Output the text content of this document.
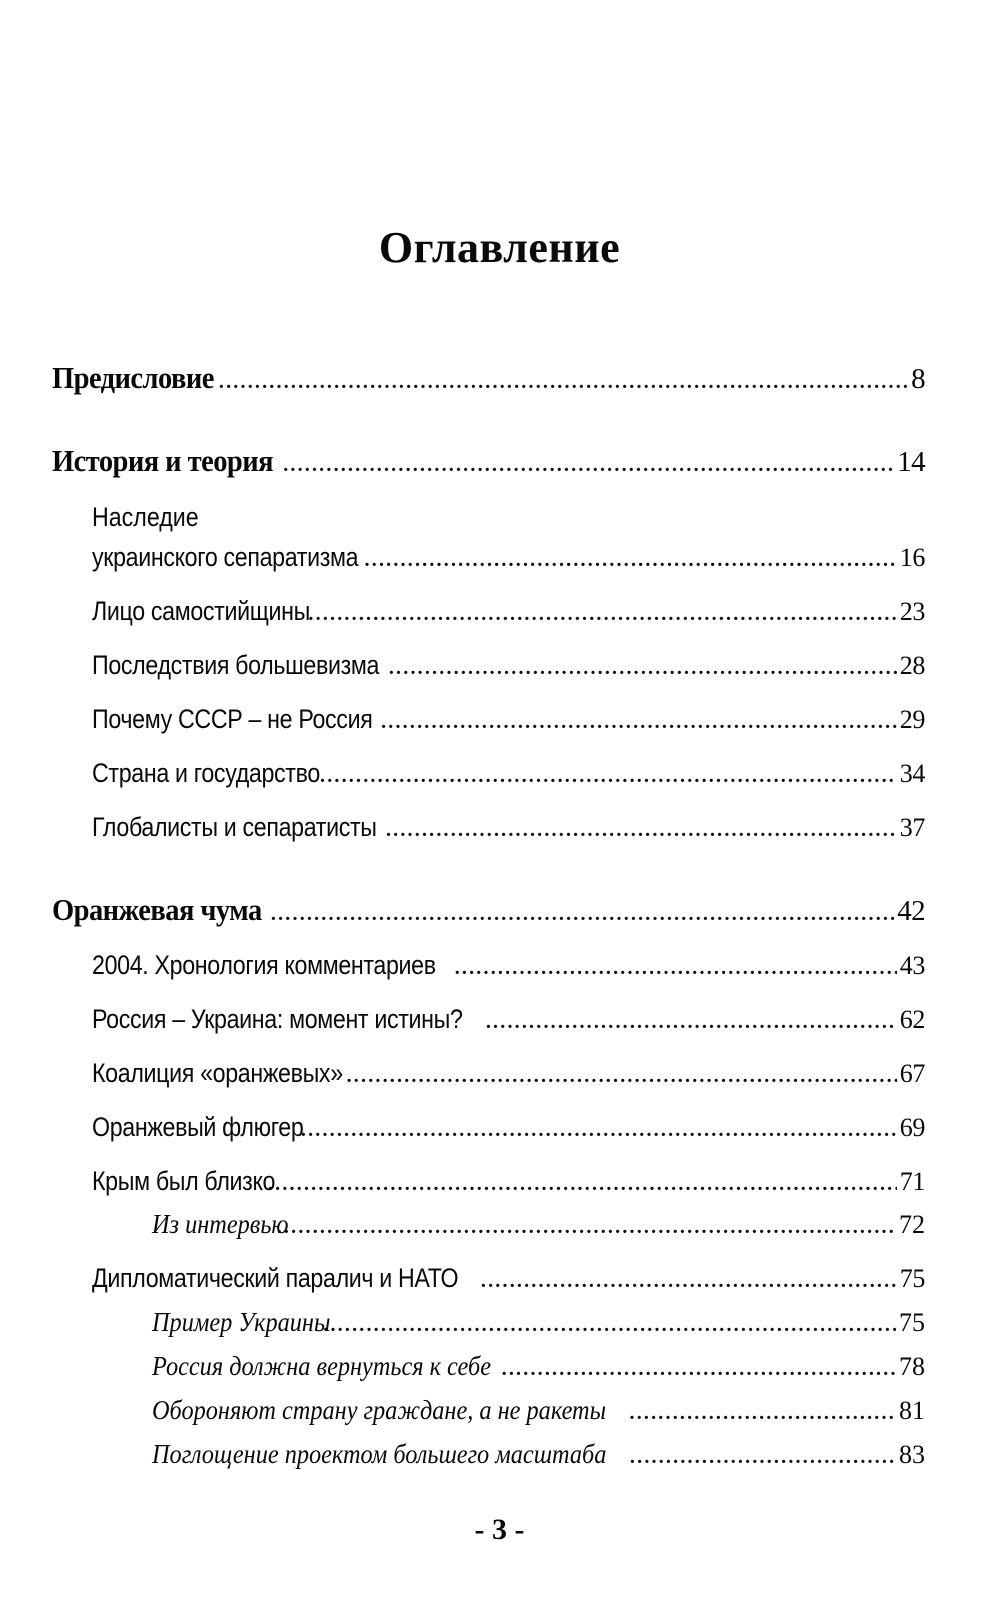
Оглавление
Предисловие .....	8
История и теория .....	14
Наследие
украинского сепаратизма .....	16
Лицо самостийщины .....	23
Последствия большевизма .....	28
Почему СССР – не Россия .....	29
Страна и государство .....	34
Глобалисты и сепаратисты .....	37
Оранжевая чума .....	42
2004. Хронология комментариев .....	43
Россия – Украина: момент истины? .....	62
Коалиция «оранжевых» .....	67
Оранжевый флюгер .....	69
Крым был близко .....	71
Из интервью .....	72
Дипломатический паралич и НАТО .....	75
Пример Украины .....	75
Россия должна вернуться к себе .....	78
Обороняют страну граждане, а не ракеты .....	81
Поглощение проектом большего масштаба .....	83
- 3 -
